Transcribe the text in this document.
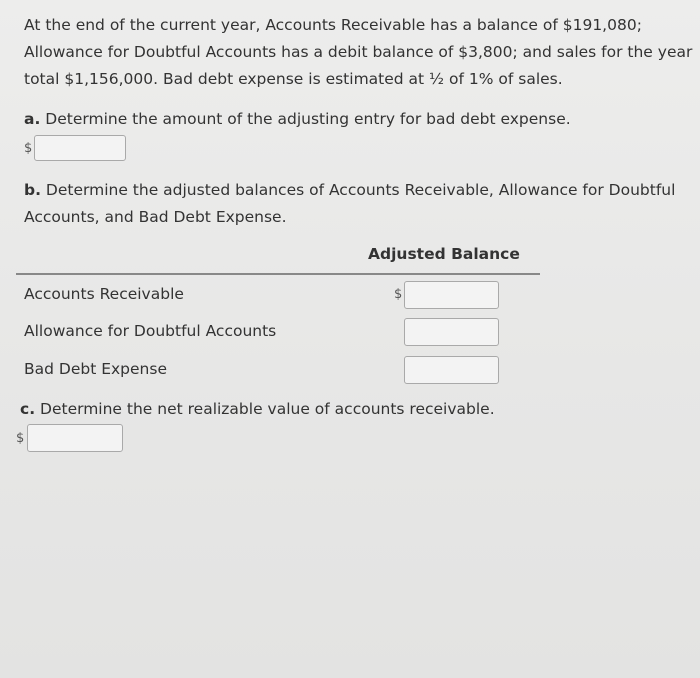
At the end of the current year, Accounts Receivable has a balance of $191,080; Allowance for Doubtful Accounts has a debit balance of $3,800; and sales for the year total $1,156,000. Bad debt expense is estimated at ½ of 1% of sales.
a. Determine the amount of the adjusting entry for bad debt expense.
$
b. Determine the adjusted balances of Accounts Receivable, Allowance for Doubtful Accounts, and Bad Debt Expense.
Adjusted Balance
Accounts Receivable	$
Allowance for Doubtful Accounts
Bad Debt Expense
c. Determine the net realizable value of accounts receivable.
$
